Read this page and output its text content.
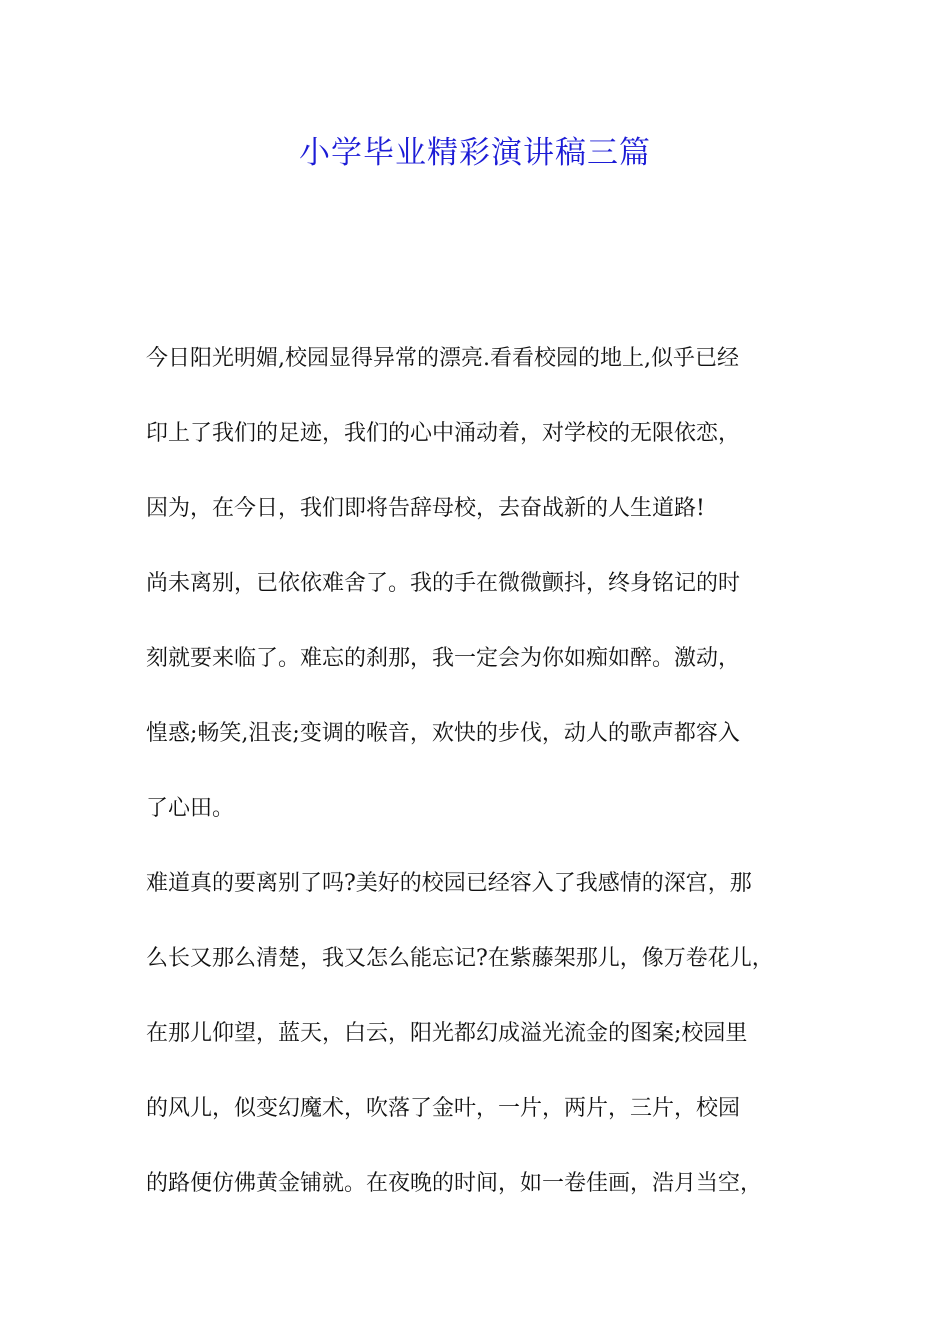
小学毕业精彩演讲稿三篇
今日阳光明媚,校园显得异常的漂亮.看看校园的地上,似乎已经
印上了我们的足迹，我们的心中涌动着，对学校的无限依恋，
因为，在今日，我们即将告辞母校，去奋战新的人生道路!
尚未离别，已依依难舍了。我的手在微微颤抖，终身铭记的时
刻就要来临了。难忘的刹那，我一定会为你如痴如醉。激动，
惶惑;畅笑,沮丧;变调的喉音，欢快的步伐，动人的歌声都容入
了心田。
难道真的要离别了吗?美好的校园已经容入了我感情的深宫，那
么长又那么清楚，我又怎么能忘记?在紫藤架那儿，像万卷花儿，
在那儿仰望，蓝天，白云，阳光都幻成溢光流金的图案;校园里
的风儿，似变幻魔术，吹落了金叶，一片，两片，三片，校园
的路便仿佛黄金铺就。在夜晚的时间，如一卷佳画，浩月当空，
